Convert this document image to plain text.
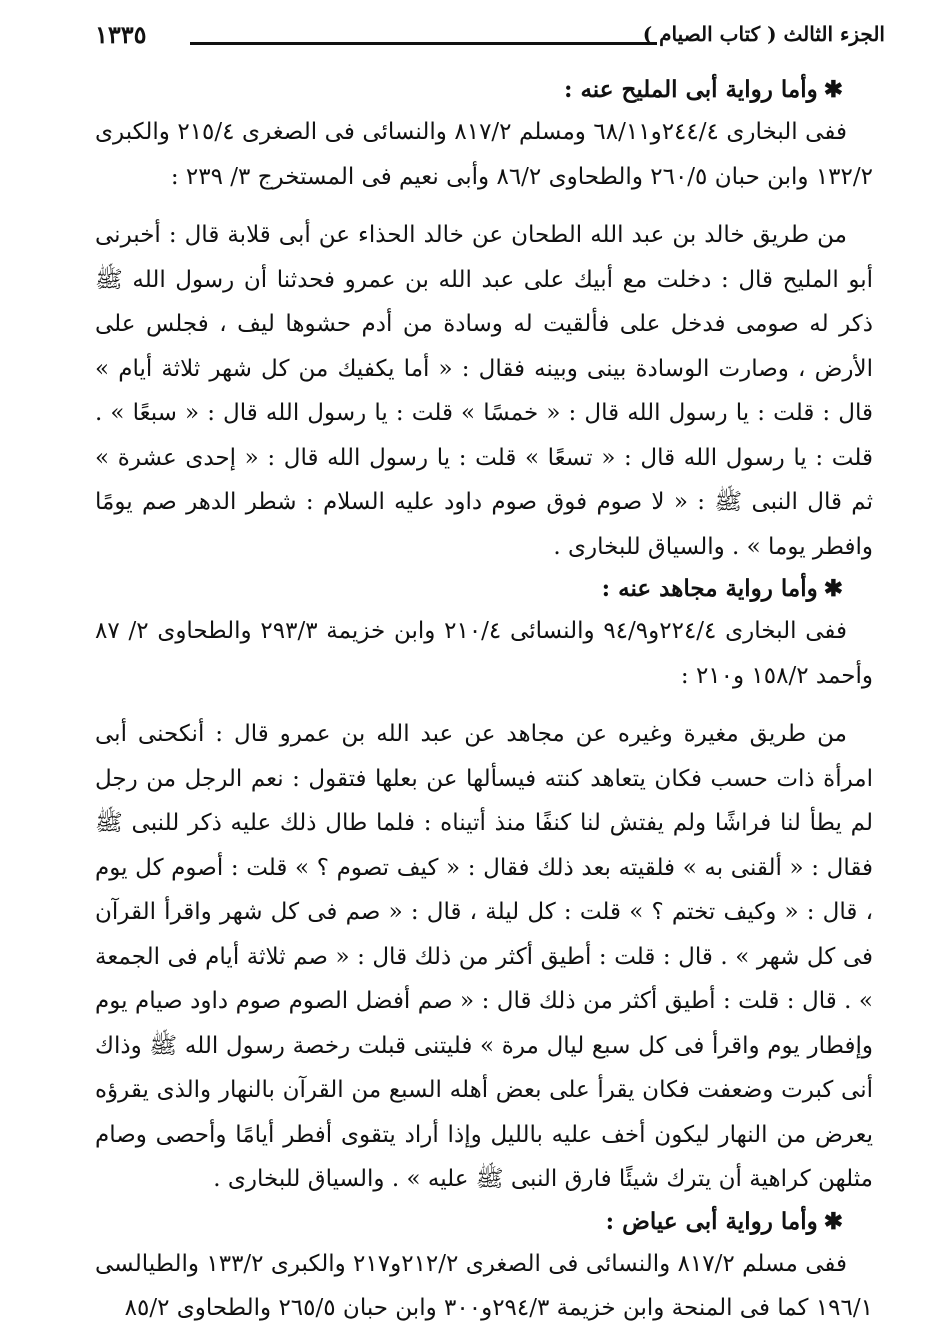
الجزء الثالث ( كتاب الصيام )
١٣٣٥

✱وأما رواية أبى المليح عنه :

ففى البخارى ٢٤٤/٤و٦٨/١١ ومسلم ٨١٧/٢ والنسائى فى الصغرى ٢١٥/٤ والكبرى ١٣٢/٢ وابن حبان ٢٦٠/٥ والطحاوى ٨٦/٢ وأبى نعيم فى المستخرج ٣/ ٢٣٩ :

من طريق خالد بن عبد الله الطحان عن خالد الحذاء عن أبى قلابة قال : أخبرنى أبو المليح قال : دخلت مع أبيك على عبد الله بن عمرو فحدثنا أن رسول الله ﷺ ذكر له صومى فدخل على فألقيت له وسادة من أدم حشوها ليف ، فجلس على الأرض ، وصارت الوسادة بينى وبينه فقال : « أما يكفيك من كل شهر ثلاثة أيام » قال : قلت : يا رسول الله قال : « خمسًا » قلت : يا رسول الله قال : « سبعًا » . قلت : يا رسول الله قال : « تسعًا » قلت : يا رسول الله قال : « إحدى عشرة » ثم قال النبى ﷺ : « لا صوم فوق صوم داود عليه السلام : شطر الدهر صم يومًا وافطر يوما » . والسياق للبخارى .

✱وأما رواية مجاهد عنه :

ففى البخارى ٢٢٤/٤و٩٤/٩ والنسائى ٢١٠/٤ وابن خزيمة ٢٩٣/٣ والطحاوى ٢/ ٨٧ وأحمد ١٥٨/٢ و٢١٠ :

من طريق مغيرة وغيره عن مجاهد عن عبد الله بن عمرو قال : أنكحنى أبى امرأة ذات حسب فكان يتعاهد كنته فيسألها عن بعلها فتقول : نعم الرجل من رجل لم يطأ لنا فراشًا ولم يفتش لنا كنفًا منذ أتيناه : فلما طال ذلك عليه ذكر للنبى ﷺ فقال : « ألقنى به » فلقيته بعد ذلك فقال : « كيف تصوم ؟ » قلت : أصوم كل يوم ، قال : « وكيف تختم ؟ » قلت : كل ليلة ، قال : « صم فى كل شهر واقرأ القرآن فى كل شهر » . قال : قلت : أطيق أكثر من ذلك قال : « صم ثلاثة أيام فى الجمعة » . قال : قلت : أطيق أكثر من ذلك قال : « صم أفضل الصوم صوم داود صيام يوم وإفطار يوم واقرأ فى كل سبع ليال مرة » فليتنى قبلت رخصة رسول الله ﷺ وذاك أنى كبرت وضعفت فكان يقرأ على بعض أهله السبع من القرآن بالنهار والذى يقرؤه يعرض من النهار ليكون أخف عليه بالليل وإذا أراد يتقوى أفطر أيامًا وأحصى وصام مثلهن كراهية أن يترك شيئًا فارق النبى ﷺ عليه » . والسياق للبخارى .

✱وأما رواية أبى عياض :

ففى مسلم ٨١٧/٢ والنسائى فى الصغرى ٢١٢/٢و٢١٧ والكبرى ١٣٣/٢ والطيالسى ١٩٦/١ كما فى المنحة وابن خزيمة ٢٩٤/٣و٣٠٠ وابن حبان ٢٦٥/٥ والطحاوى ٨٥/٢
